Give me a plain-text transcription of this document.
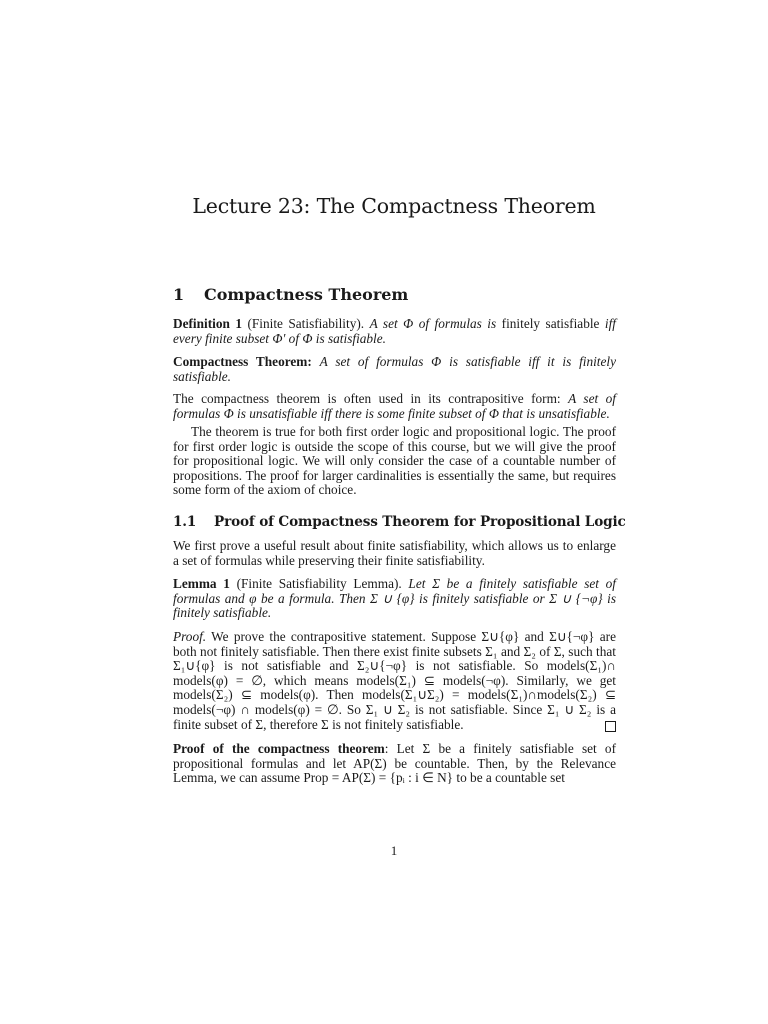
Lecture 23: The Compactness Theorem
1 Compactness Theorem

Definition 1 (Finite Satisfiability). A set Φ of formulas is finitely satisfiable iff every finite subset Φ′ of Φ is satisfiable.

Compactness Theorem: A set of formulas Φ is satisfiable iff it is finitely satisfiable.

The compactness theorem is often used in its contrapositive form: A set of formulas Φ is unsatisfiable iff there is some finite subset of Φ that is unsatisfiable.

The theorem is true for both first order logic and propositional logic. The proof for first order logic is outside the scope of this course, but we will give the proof for propositional logic. We will only consider the case of a countable number of propositions. The proof for larger cardinalities is essentially the same, but requires some form of the axiom of choice.

1.1 Proof of Compactness Theorem for Propositional Logic

We first prove a useful result about finite satisfiability, which allows us to enlarge a set of formulas while preserving their finite satisfiability.

Lemma 1 (Finite Satisfiability Lemma). Let Σ be a finitely satisfiable set of formulas and φ be a formula. Then Σ ∪ {φ} is finitely satisfiable or Σ ∪ {¬φ} is finitely satisfiable.

Proof. We prove the contrapositive statement. Suppose Σ∪{φ} and Σ∪{¬φ} are both not finitely satisfiable. Then there exist finite subsets Σ₁ and Σ₂ of Σ, such that Σ₁∪{φ} is not satisfiable and Σ₂∪{¬φ} is not satisfiable. So models(Σ₁)∩ models(φ) = ∅, which means models(Σ₁) ⊆ models(¬φ). Similarly, we get models(Σ₂) ⊆ models(φ). Then models(Σ₁∪Σ₂) = models(Σ₁)∩models(Σ₂) ⊆ models(¬φ) ∩ models(φ) = ∅. So Σ₁ ∪ Σ₂ is not satisfiable. Since Σ₁ ∪ Σ₂ is a finite subset of Σ, therefore Σ is not finitely satisfiable.

Proof of the compactness theorem: Let Σ be a finitely satisfiable set of propositional formulas and let AP(Σ) be countable. Then, by the Relevance Lemma, we can assume Prop = AP(Σ) = {pᵢ : i ∈ N} to be a countable set

1
